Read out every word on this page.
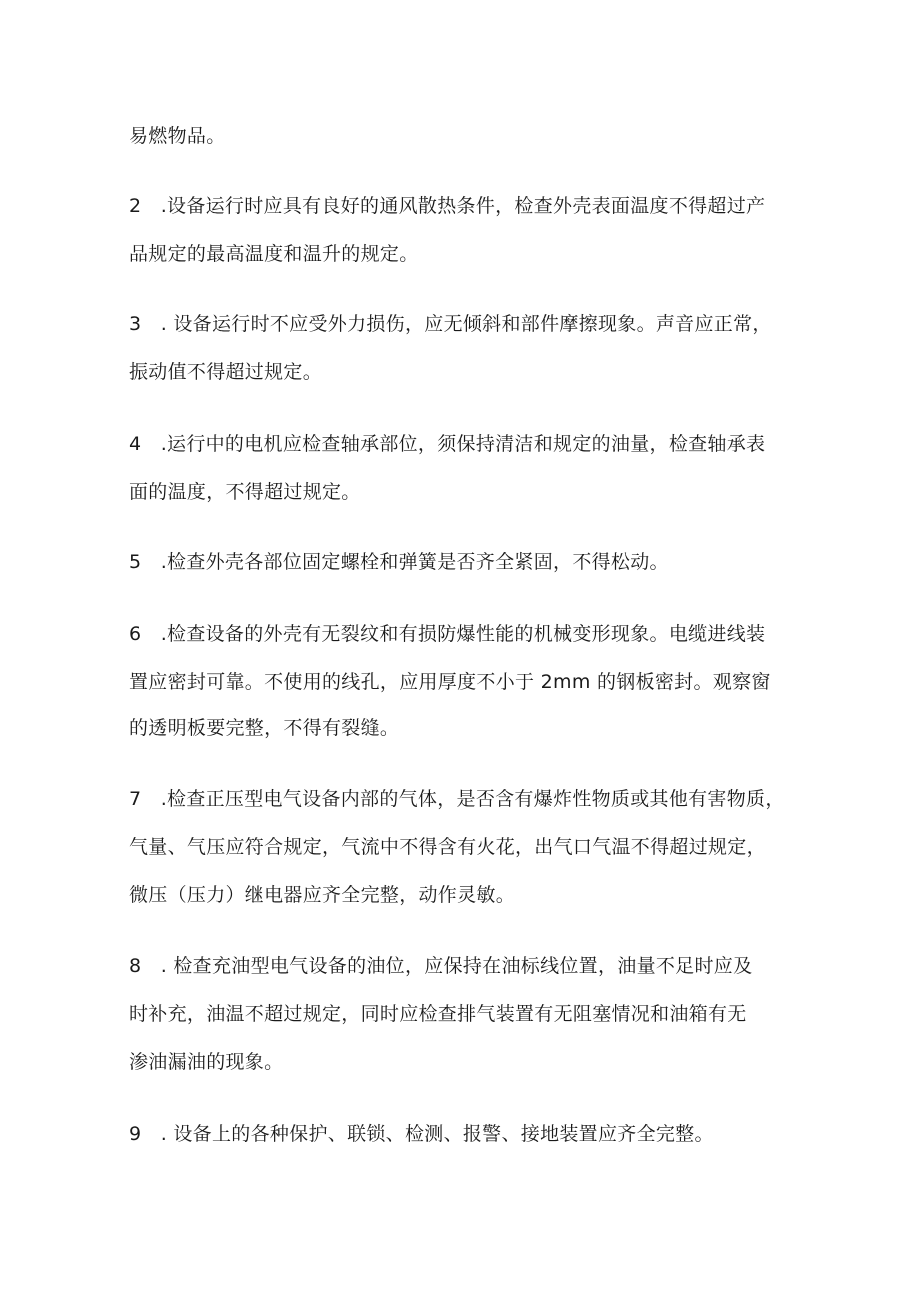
易燃物品。
2　.设备运行时应具有良好的通风散热条件，检查外壳表面温度不得超过产
品规定的最高温度和温升的规定。
3　. 设备运行时不应受外力损伤，应无倾斜和部件摩擦现象。声音应正常，
振动值不得超过规定。
4　.运行中的电机应检查轴承部位，须保持清洁和规定的油量，检查轴承表
面的温度，不得超过规定。
5　.检查外壳各部位固定螺栓和弹簧是否齐全紧固，不得松动。
6　.检查设备的外壳有无裂纹和有损防爆性能的机械变形现象。电缆进线装
置应密封可靠。不使用的线孔，应用厚度不小于 2mm 的钢板密封。观察窗
的透明板要完整，不得有裂缝。
7　.检查正压型电气设备内部的气体，是否含有爆炸性物质或其他有害物质，
气量、气压应符合规定，气流中不得含有火花，出气口气温不得超过规定，
微压（压力）继电器应齐全完整，动作灵敏。
8　. 检查充油型电气设备的油位，应保持在油标线位置，油量不足时应及
时补充，油温不超过规定，同时应检查排气装置有无阻塞情况和油箱有无
渗油漏油的现象。
9　. 设备上的各种保护、联锁、检测、报警、接地装置应齐全完整。
